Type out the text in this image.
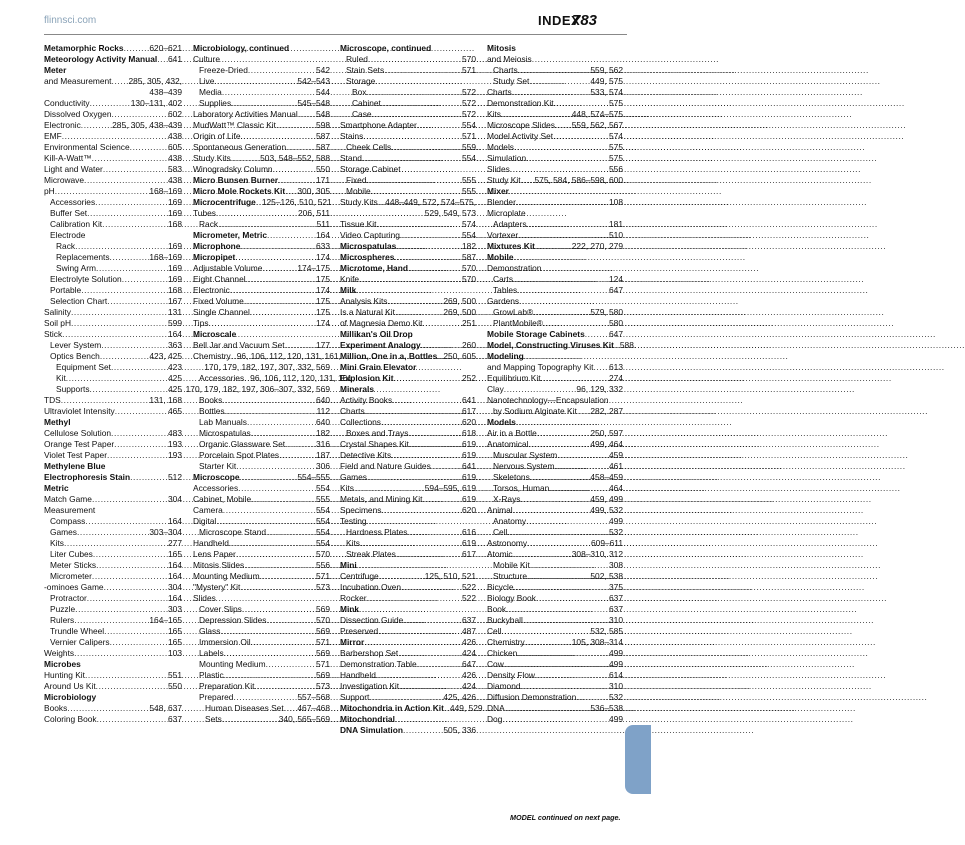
flinnsci.com	INDEX
783
Metamorphic Rocks .....	620–621
Meteorology Activity Manual ..... 641
Meter
and Measurement ..... 285, 305, 432,
438–439
Conductivity .....	130–131, 402
Dissolved Oxygen .....	602
Electronic .....	285, 305, 438–439
EMF .....	438
Environmental Science .....	605
Kill-A-Watt™ .....	438
Light and Water .....	583
Microwave .....	438
pH .....	168–169
Accessories .....	169
Buffer Set .....	169
Calibration Kit .....	168
Electrode
Rack .....	169
Replacements .....	168–169
Swing Arm .....	169
Electrolyte Solution .....	169
Portable .....	168
Selection Chart .....	167
Salinity .....	131
Soil pH .....	599
Stick .....	164
Lever System .....	363
Optics Bench .....	423, 425
Equipment Set .....	423
Kit .....	425
Supports .....	425
TDS .....	131, 168
Ultraviolet Intensity .....	465
Methyl
Cellulose Solution .....	483
Orange Test Paper .....	193
Violet Test Paper .....	193
Methylene Blue
Electrophoresis Stain .....	512
Metric
Match Game .....	304
Measurement
Compass .....	164
Games .....	303–304
Kits .....	277
Liter Cubes .....	165
Meter Sticks .....	164
Micrometer .....	164
-ominoes Game .....	304
Protractor .....	164
Puzzle .....	303
Rulers .....	164–165
Trundle Wheel .....	165
Vernier Calipers .....	165
Weights .....	103
Microbes
Hunting Kit .....	551
Around Us Kit .....	550
Microbiology
Books .....	548, 637
Coloring Book .....	637
Microbiology, continued
Culture
Freeze-Dried .....	542
Live .....	542–543
Media .....	544
Supplies .....	545–548
Laboratory Activities Manual ..... 548
MudWatt™ Classic Kit .....	598
Origin of Life .....	587
Spontaneous Generation .....	587
Study Kits .....	503, 548–552, 588
Winogradsky Column .....	550
Micro Bunsen Burner .....	171
Micro Mole Rockets Kit ..... 300, 305
Microcentrifuge ..... 125–126, 510, 521
Tubes .....	206, 511
Rack .....	511
Micrometer, Metric .....	164
Microphone .....	633
Micropipet .....	174
Adjustable Volume .....	174–175
Eight Channel .....	175
Electronic .....	174
Fixed Volume .....	175
Single Channel .....	175
Tips .....	174
Microscale
Bell Jar and Vacuum Set .....	177
Chemistry ..... 96, 106, 112, 120, 131, 161,
170, 179, 182, 197, 307, 332, 569
Accessories ..... 96, 106, 112, 120, 131, 161,
170, 179, 182, 197, 306–307, 332, 569
Books .....	640
Bottles .....	112
Lab Manuals .....	640
Microspatulas .....	182
Organic Glassware Set .....	316
Porcelain Spot Plates .....	187
Starter Kit .....	306
Microscope .....	554–555
Accessories .....	554
Cabinet, Mobile .....	555
Camera .....	554
Digital .....	554
Microscope Stand .....	554
Handheld .....	554
Lens Paper .....	570
Mitosis Slides .....	556
Mounting Medium .....	571
"Mystery" Kit .....	573
Slides
Cover Slips .....	569
Depression Slides .....	570
Glass .....	569
Immersion Oil .....	571
Labels .....	569
Mounting Medium .....	571
Plastic .....	569
Preparation Kit .....	573
Prepared .....	557–568
Human Diseases Set ..... 467–468
Sets .....	340, 565–569
Microscope, continued
Ruled .....	570
Stain Sets .....	571
Storage
Box .....	572
Cabinet .....	572
Case .....	572
Smartphone Adapter .....	554
Stains .....	571
Cheek Cells .....	559
Stand .....	554
Storage Cabinet
Fixed .....	555
Mobile .....	555
Study Kits ..... 448–449, 572, 574–575,
529, 549, 573
Tissue Kit .....	574
Video Capturing .....	554
Microspatulas .....	182
Microspheres .....	587
Microtome, Hand .....	570
Knife .....	570
Milk
Analysis Kits .....	269, 500
Is a Natural Kit .....	269, 500
of Magnesia Demo Kit .....	251
Millikan's Oil Drop
Experiment Analogy .....	260
Million, One in a, Bottles ..... 250, 605
Mini Grain Elevator
Explosion Kit .....	252
Minerals
Activity Books .....	641
Charts .....	617
Collections .....	620
Boxes and Trays .....	618
Crystal Shapes Kit .....	619
Detective Kits .....	619
Field and Nature Guides .....	641
Games .....	619
Kits .....	594–595, 619
Metals, and Mining Kit .....	619
Specimens .....	620
Testing
Hardness Plates .....	616
Kits .....	619
Streak Plates .....	617
Mini
Centrifuge .....	125, 510, 521
Incubation Oven .....	522
Rocker .....	522
Mink
Dissection Guide .....	637
Preserved .....	487
Mirror .....	426
Barbershop Set .....	424
Demonstration Table .....	647
Handheld .....	426
Investigation Kit .....	424
Support .....	425, 426
Mitochondria in Action Kit ..... 449, 529
Mitochondrial
DNA Simulation .....	505, 336
Mitosis
and Meiosis
Charts .....	559, 562
Study Set .....	449, 575
Charts .....	533, 574
Demonstration Kit .....	575
Kits .....	448, 574–575
Microscope Slides ..... 559, 562, 567
Model Activity Set .....	574
Models .....	575
Simulation .....	575
Slides .....	556
Study Kit ..... 575, 584, 586–598, 600
Mixer
Blender .....	108
Microplate
Adapters .....	181
Vortexer .....	510
Mixtures Kit .....	222, 270, 279
Mobile
Demonstration
Carts .....	124
Tables .....	647
Gardens
GrowLab® .....	579, 580
PlantMobile® .....	580
Mobile Storage Cabinets .....	647
Model, Constructing Viruses Kit ..... 588
Modeling
and Mapping Topography Kit ..... 613
Equilibrium Kit .....	274
Clay .....	96, 129, 332
Nanotechnology—Encapsulation
by Sodium Alginate Kit ..... 282, 287
Models
Air in a Bottle .....	250, 597
Anatomical .....	499, 464
Muscular System .....	459
Nervous System .....	461
Skeletons .....	458–459
Torsos, Human .....	464
X-Rays .....	459, 499
Animal .....	499, 532
Anatomy .....	499
Cell .....	532
Astronomy .....	609–611
Atomic .....	308–310, 312
Mobile Kit .....	308
Structure .....	502, 538
Bicycle .....	375
Biology Book .....	637
Book .....	637
Buckyball .....	310
Cell .....	532, 585
Chemistry .....	105, 308–314
Chicken .....	499
Cow .....	499
Density Flow .....	614
Diamond .....	310
Diffusion Demonstration .....	532
DNA .....	536–538
Dog .....	499
MODEL continued on next page.
